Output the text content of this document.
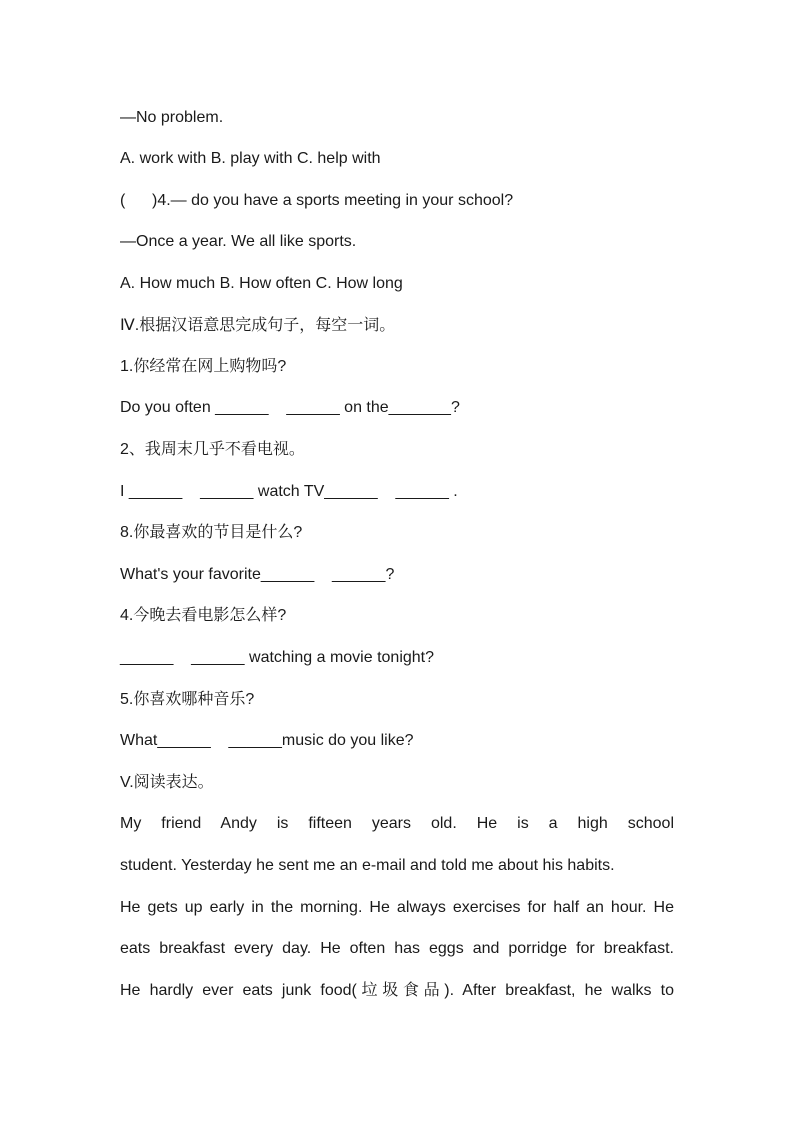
—No problem.
A. work with B. play with C. help with
(      )4.— do you have a sports meeting in your school?
—Once a year. We all like sports.
A. How much B. How often C. How long
Ⅳ.根据汉语意思完成句子，每空一词。
1.你经常在网上购物吗?
Do you often ______    ______ on the_______?
2、我周末几乎不看电视。
I ______    ______ watch TV______    ______ .
8.你最喜欢的节目是什么?
What's your favorite______    ______?
4.今晚去看电影怎么样?
______    ______ watching a movie tonight?
5.你喜欢哪种音乐?
What______    ______music do you like?
V.阅读表达。
My friend Andy is fifteen years old. He is a high school
student. Yesterday he sent me an e-mail and told me about his habits.
He gets up early in the morning. He always exercises for half an hour. He
eats breakfast every day. He often has eggs and porridge for breakfast.
He hardly ever eats junk food(垃圾食品). After breakfast, he walks to
